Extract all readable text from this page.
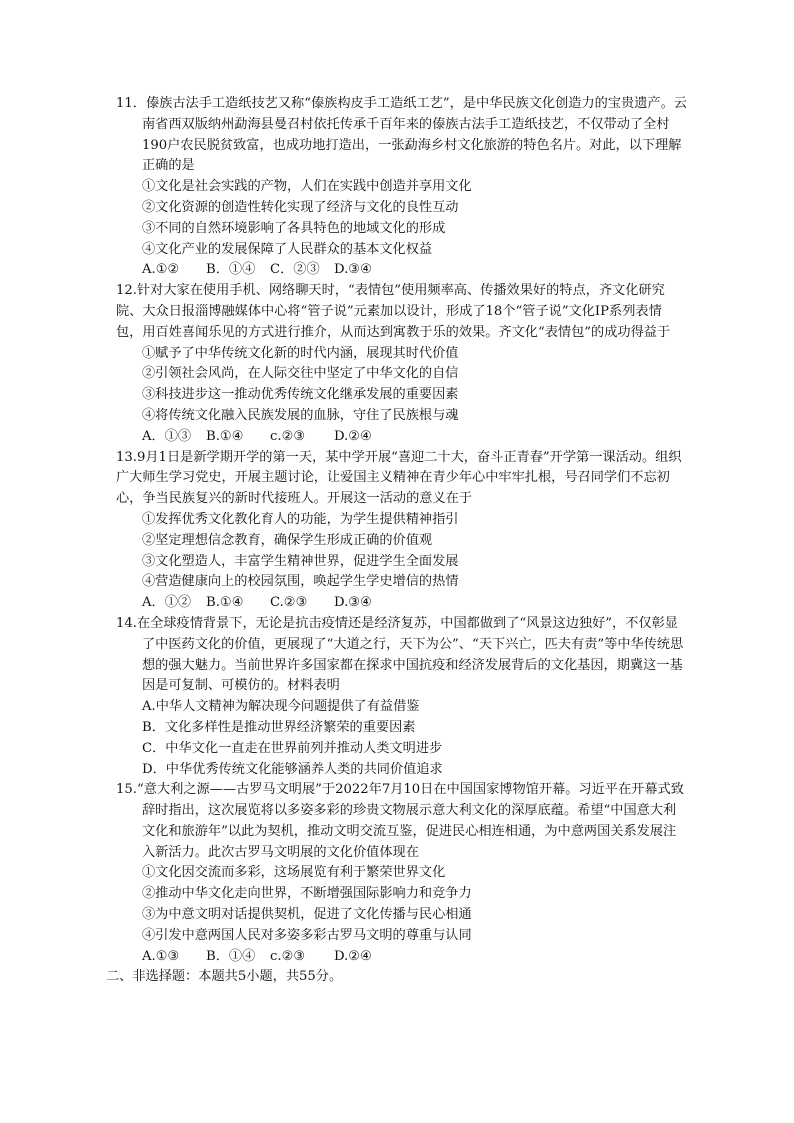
11．傣族古法手工造纸技艺又称“傣族构皮手工造纸工艺”，是中华民族文化创造力的宝贵遗产。云南省西双版纳州勐海县曼召村依托传承千百年来的傣族古法手工造纸技艺，不仅带动了全村190户农民脱贫致富，也成功地打造出，一张勐海乡村文化旅游的特色名片。对此，以下理解正确的是

①文化是社会实践的产物，人们在实践中创造并享用文化

②文化资源的创造性转化实现了经济与文化的良性互动

③不同的自然环境影响了各具特色的地域文化的形成

④文化产业的发展保障了人民群众的基本文化权益

A.①② B．①④ C．②③ D.③④

12.针对大家在使用手机、网络聊天时，“表情包”使用频率高、传播效果好的特点，齐文化研究院、大众日报淄博融媒体中心将“管子说”元素加以设计，形成了18个“管子说”文化IP系列表情包，用百姓喜闻乐见的方式进行推介，从而达到寓教于乐的效果。齐文化“表情包”的成功得益于

①赋予了中华传统文化新的时代内涵，展现其时代价值

②引领社会风尚，在人际交往中坚定了中华文化的自信

③科技进步这一推动优秀传统文化继承发展的重要因素

④将传统文化融入民族发展的血脉，守住了民族根与魂

A．①③ B.①④ c.②③ D.②④

13.9月1日是新学期开学的第一天，某中学开展“喜迎二十大，奋斗正青春”开学第一课活动。组织广大师生学习党史，开展主题讨论，让爱国主义精神在青少年心中牢牢扎根，号召同学们不忘初心，争当民族复兴的新时代接班人。开展这一活动的意义在于

①发挥优秀文化教化育人的功能，为学生提供精神指引

②坚定理想信念教育，确保学生形成正确的价值观

③文化塑造人，丰富学生精神世界，促进学生全面发展

④营造健康向上的校园氛围，唤起学生学史增信的热情

A．①② B.①④ C.②③ D.③④

14.在全球疫情背景下，无论是抗击疫情还是经济复苏，中国都做到了“风景这边独好”，不仅彰显了中医药文化的价值，更展现了“大道之行，天下为公”、“天下兴亡，匹夫有责”等中华传统思想的强大魅力。当前世界许多国家都在探求中国抗疫和经济发展背后的文化基因，期冀这一基因是可复制、可模仿的。材料表明

A.中华人文精神为解决现今问题提供了有益借鉴

B．文化多样性是推动世界经济繁荣的重要因素

C．中华文化一直走在世界前列并推动人类文明进步

D．中华优秀传统文化能够涵养人类的共同价值追求

15.“意大利之源——古罗马文明展”于2022年7月10日在中国国家博物馆开幕。习近平在开幕式致辞时指出，这次展览将以多姿多彩的珍贵文物展示意大利文化的深厚底蕴。希望“中国意大利文化和旅游年”以此为契机，推动文明交流互鉴，促进民心相连相通，为中意两国关系发展注入新活力。此次古罗马文明展的文化价值体现在

①文化因交流而多彩，这场展览有利于繁荣世界文化

②推动中华文化走向世界，不断增强国际影响力和竞争力

③为中意文明对话提供契机，促进了文化传播与民心相通

④引发中意两国人民对多姿多彩古罗马文明的尊重与认同

A.①③ B．①④ c.②③ D.②④

二、非选择题：本题共5小题，共55分。
